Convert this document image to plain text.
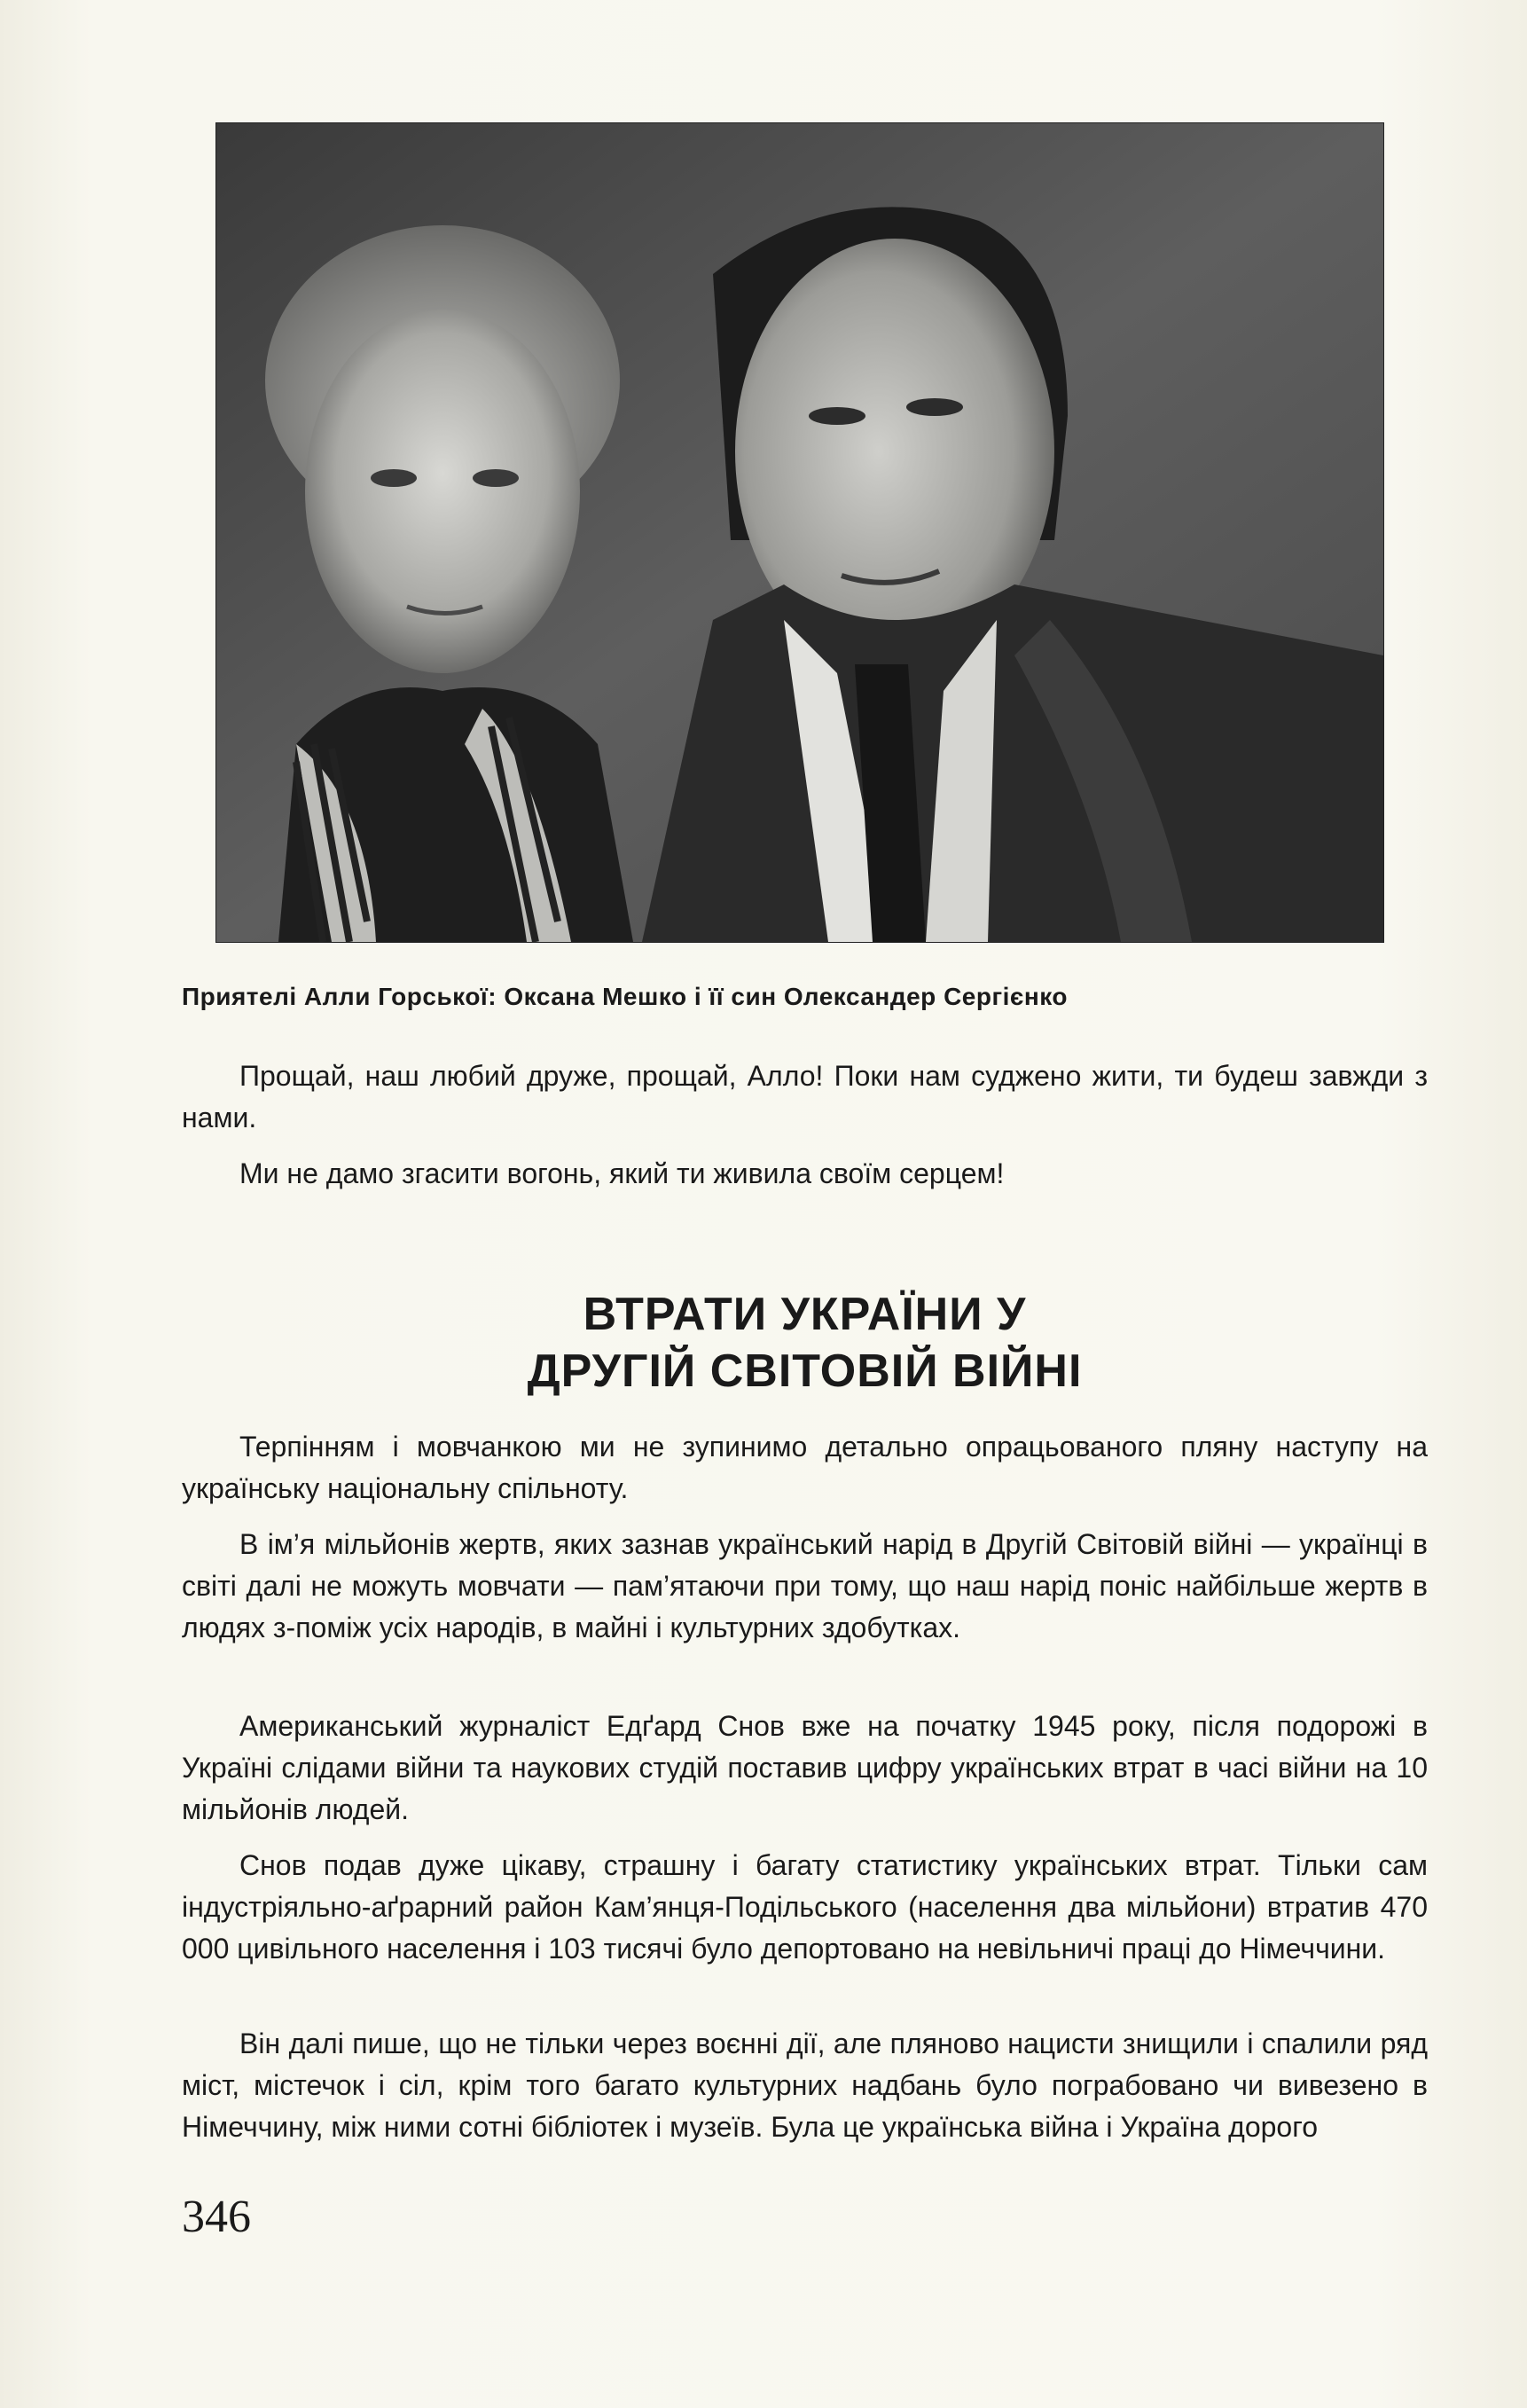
Приятелі Алли Горської: Оксана Мешко і її син Олександер Сергієнко

Прощай, наш любий друже, прощай, Алло! Поки нам суджено жити, ти будеш завжди з нами.

Ми не дамо згасити вогонь, який ти живила своїм серцем!

ВТРАТИ УКРАЇНИ У
ДРУГІЙ СВІТОВІЙ ВІЙНІ

Терпінням і мовчанкою ми не зупинимо детально опрацьованого пляну наступу на українську національну спільноту.

В ім’я мільйонів жертв, яких зазнав український нарід в Другій Світовій війні — українці в світі далі не можуть мовчати — пам’ятаючи при тому, що наш нарід поніс найбільше жертв в людях з-поміж усіх народів, в майні і культурних здобутках.

Американський журналіст Едґард Снов вже на початку 1945 року, після подорожі в Україні слідами війни та наукових студій поставив цифру українських втрат в часі війни на 10 мільйонів людей.

Снов подав дуже цікаву, страшну і багату статистику українських втрат. Тільки сам індустріяльно-аґрарний район Кам’янця-Подільського (населення два мільйони) втратив 470 000 цивільного населення і 103 тисячі було депортовано на невільничі праці до Німеччини.

Він далі пише, що не тільки через воєнні дії, але пляново нацисти знищили і спалили ряд міст, містечок і сіл, крім того багато культурних надбань було пограбовано чи вивезено в Німеччину, між ними сотні бібліотек і музеїв. Була це українська війна і Україна дорого

346
